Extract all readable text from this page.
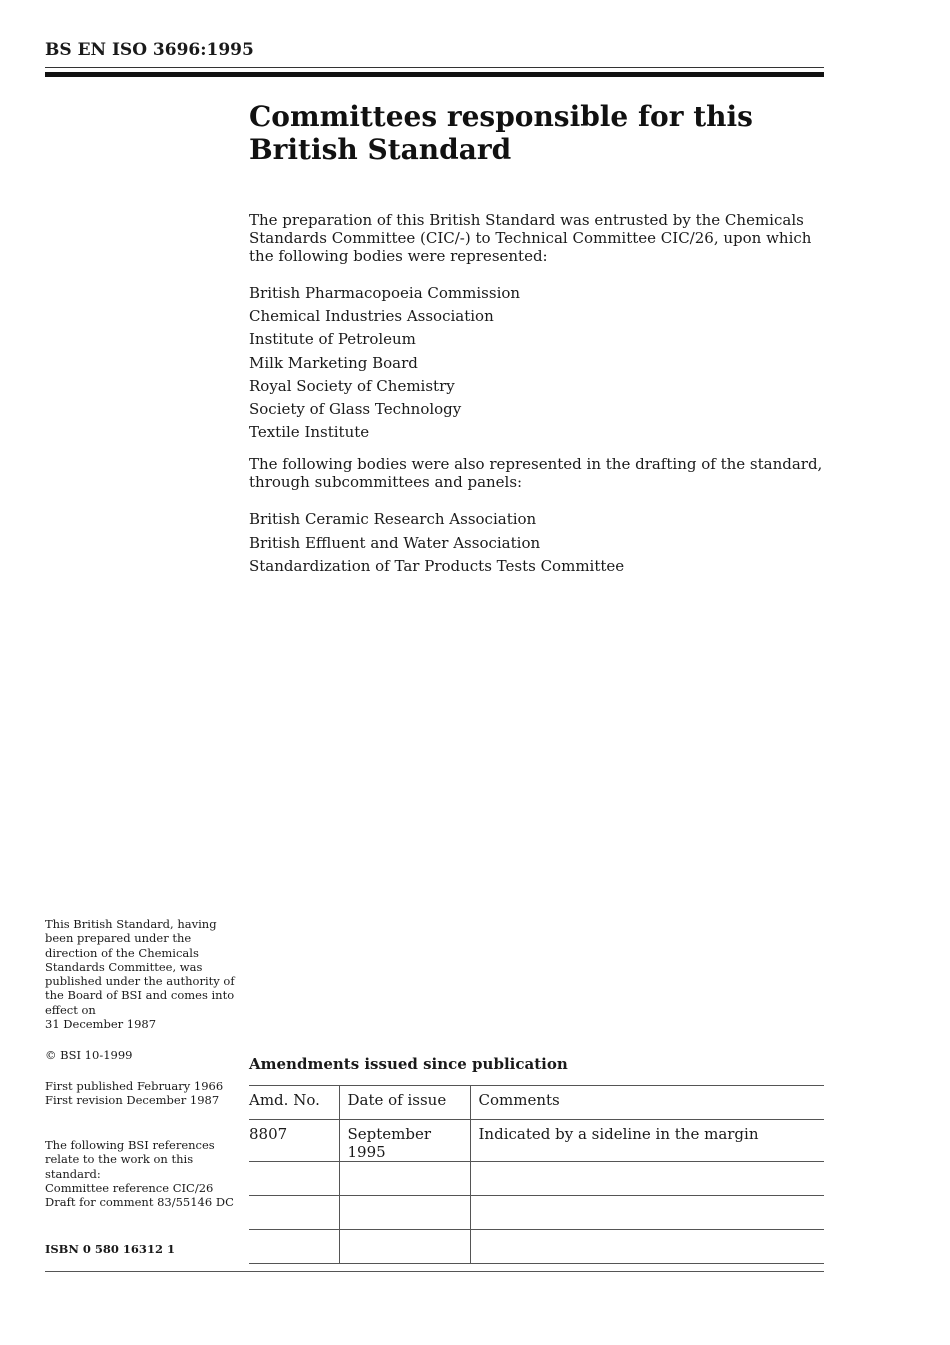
BS EN ISO 3696:1995
Committees responsible for this
British Standard

The preparation of this British Standard was entrusted by the Chemicals Standards Committee (CIC/-) to Technical Committee CIC/26, upon which the following bodies were represented:

British Pharmacopoeia Commission
Chemical Industries Association
Institute of Petroleum
Milk Marketing Board
Royal Society of Chemistry
Society of Glass Technology
Textile Institute

The following bodies were also represented in the drafting of the standard, through subcommittees and panels:

British Ceramic Research Association
British Effluent and Water Association
Standardization of Tar Products Tests Committee

This British Standard, having been prepared under the direction of the Chemicals Standards Committee, was published under the authority of the Board of BSI and comes into effect on
31 December 1987

© BSI 10-1999

First published February 1966
First revision December 1987

The following BSI references relate to the work on this standard:
Committee reference CIC/26
Draft for comment 83/55146 DC

ISBN 0 580 16312 1

Amendments issued since publication
Amd. No.	Date of issue	Comments
8807	September 1995	Indicated by a sideline in the margin
